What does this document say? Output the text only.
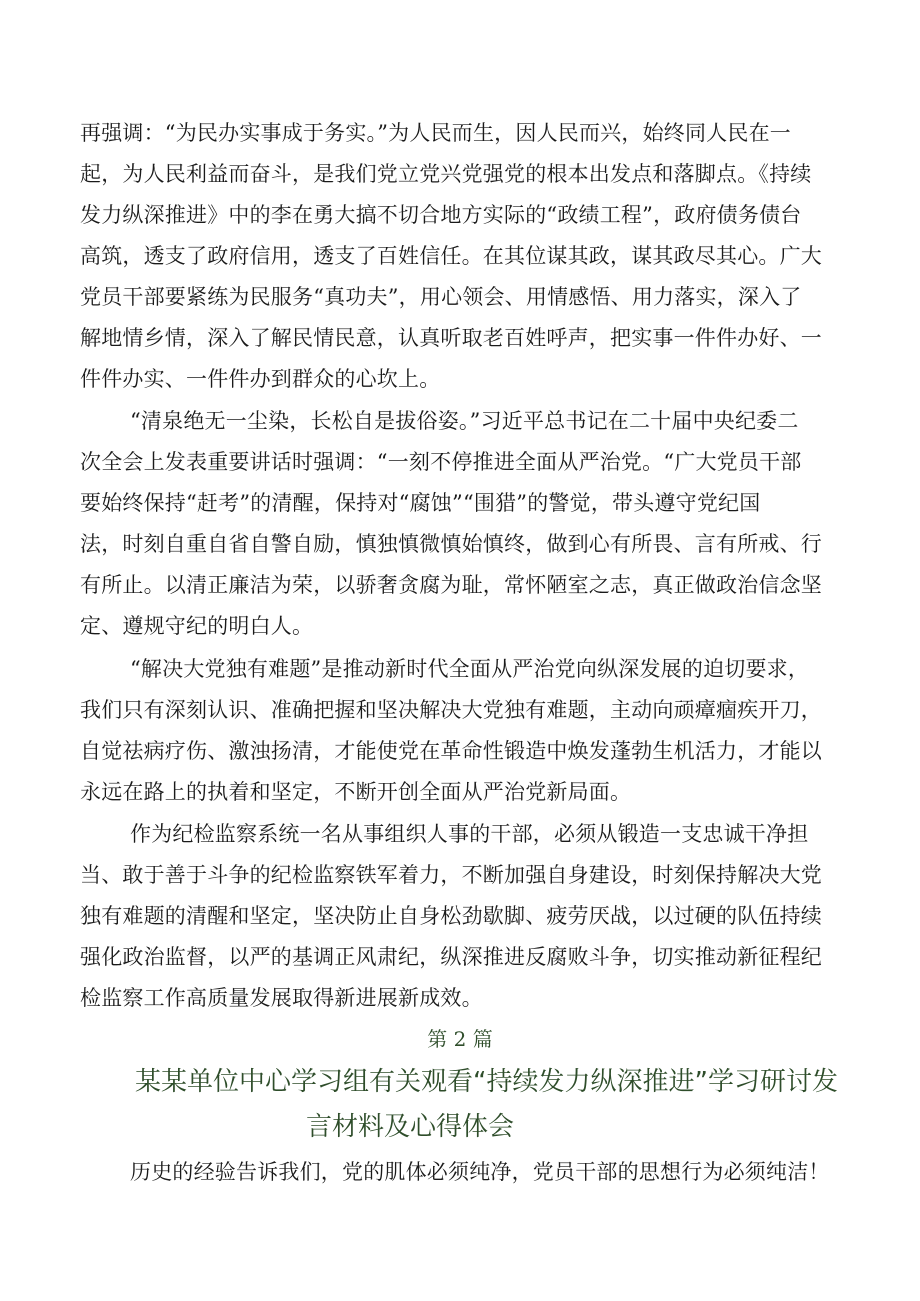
再强调：“为民办实事成于务实。”为人民而生，因人民而兴，始终同人民在一
起，为人民利益而奋斗，是我们党立党兴党强党的根本出发点和落脚点。《持续
发力纵深推进》中的李在勇大搞不切合地方实际的“政绩工程”，政府债务债台
高筑，透支了政府信用，透支了百姓信任。在其位谋其政，谋其政尽其心。广大
党员干部要紧练为民服务“真功夫”，用心领会、用情感悟、用力落实，深入了
解地情乡情，深入了解民情民意，认真听取老百姓呼声，把实事一件件办好、一
件件办实、一件件办到群众的心坎上。
“清泉绝无一尘染，长松自是拔俗姿。”习近平总书记在二十届中央纪委二
次全会上发表重要讲话时强调：“一刻不停推进全面从严治党。“广大党员干部
要始终保持“赶考”的清醒，保持对“腐蚀”“围猎”的警觉，带头遵守党纪国
法，时刻自重自省自警自励，慎独慎微慎始慎终，做到心有所畏、言有所戒、行
有所止。以清正廉洁为荣，以骄奢贪腐为耻，常怀陋室之志，真正做政治信念坚
定、遵规守纪的明白人。
“解决大党独有难题”是推动新时代全面从严治党向纵深发展的迫切要求，
我们只有深刻认识、准确把握和坚决解决大党独有难题，主动向顽瘴痼疾开刀，
自觉祛病疗伤、激浊扬清，才能使党在革命性锻造中焕发蓬勃生机活力，才能以
永远在路上的执着和坚定，不断开创全面从严治党新局面。
作为纪检监察系统一名从事组织人事的干部，必须从锻造一支忠诚干净担
当、敢于善于斗争的纪检监察铁军着力，不断加强自身建设，时刻保持解决大党
独有难题的清醒和坚定，坚决防止自身松劲歇脚、疲劳厌战，以过硬的队伍持续
强化政治监督，以严的基调正风肃纪，纵深推进反腐败斗争，切实推动新征程纪
检监察工作高质量发展取得新进展新成效。
第 2 篇
某某单位中心学习组有关观看“持续发力纵深推进”学习研讨发
言材料及心得体会
历史的经验告诉我们，党的肌体必须纯净，党员干部的思想行为必须纯洁！
